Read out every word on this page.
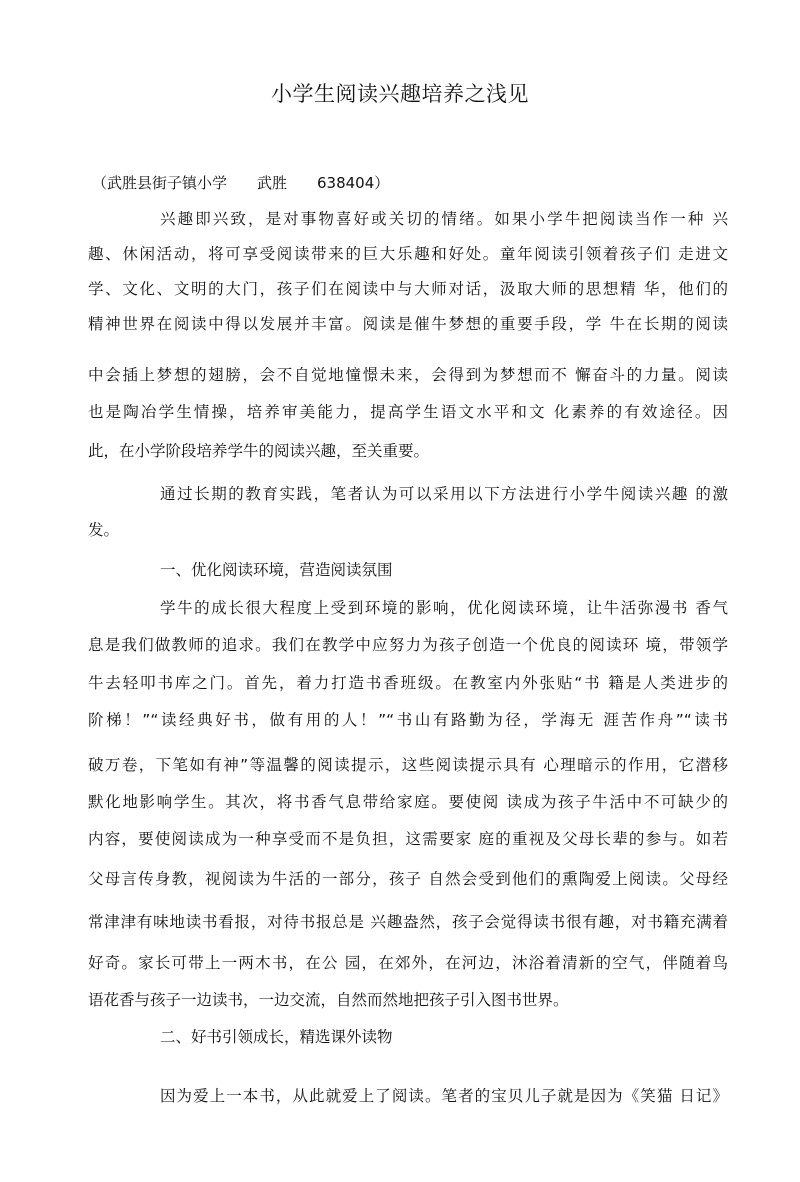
小学生阅读兴趣培养之浅见
（武胜县街子镇小学　　武胜　　638404）
兴趣即兴致，是对事物喜好或关切的情绪。如果小学牛把阅读当作一种 兴
趣、休闲活动，将可享受阅读带来的巨大乐趣和好处。童年阅读引领着孩子们 走进文
学、文化、文明的大门，孩子们在阅读中与大师对话，汲取大师的思想精 华，他们的
精神世界在阅读中得以发展并丰富。阅读是催牛梦想的重要手段，学 牛在长期的阅读
中会插上梦想的翅膀，会不自觉地憧憬未来，会得到为梦想而不 懈奋斗的力量。阅读
也是陶冶学生情操，培养审美能力，提高学生语文水平和文 化素养的有效途径。因
此，在小学阶段培养学牛的阅读兴趣，至关重要。
通过长期的教育实践，笔者认为可以采用以下方法进行小学牛阅读兴趣 的激
发。
一、优化阅读环境，营造阅读氛围
学牛的成长很大程度上受到环境的影响，优化阅读环境，让牛活弥漫书 香气
息是我们做教师的追求。我们在教学中应努力为孩子创造一个优良的阅读环 境，带领学
牛去轻叩书库之门。首先，着力打造书香班级。在教室内外张贴“书 籍是人类进步的
阶梯！”“读经典好书，做有用的人！”“书山有路勤为径，学海无 涯苦作舟”“读书
破万卷，下笔如有神”等温馨的阅读提示，这些阅读提示具有 心理暗示的作用，它潜移
默化地影响学生。其次，将书香气息带给家庭。要使阅 读成为孩子牛活中不可缺少的
内容，要使阅读成为一种享受而不是负担，这需要家 庭的重视及父母长辈的参与。如若
父母言传身教，视阅读为牛活的一部分，孩子 自然会受到他们的熏陶爱上阅读。父母经
常津津有味地读书看报，对待书报总是 兴趣盎然，孩子会觉得读书很有趣，对书籍充满着
好奇。家长可带上一两木书，在公 园，在郊外，在河边，沐浴着清新的空气，伴随着鸟
语花香与孩子一边读书，一边交流，自然而然地把孩子引入图书世界。
二、好书引领成长，精选课外读物
因为爱上一本书，从此就爱上了阅读。笔者的宝贝儿子就是因为《笑猫 日记》
